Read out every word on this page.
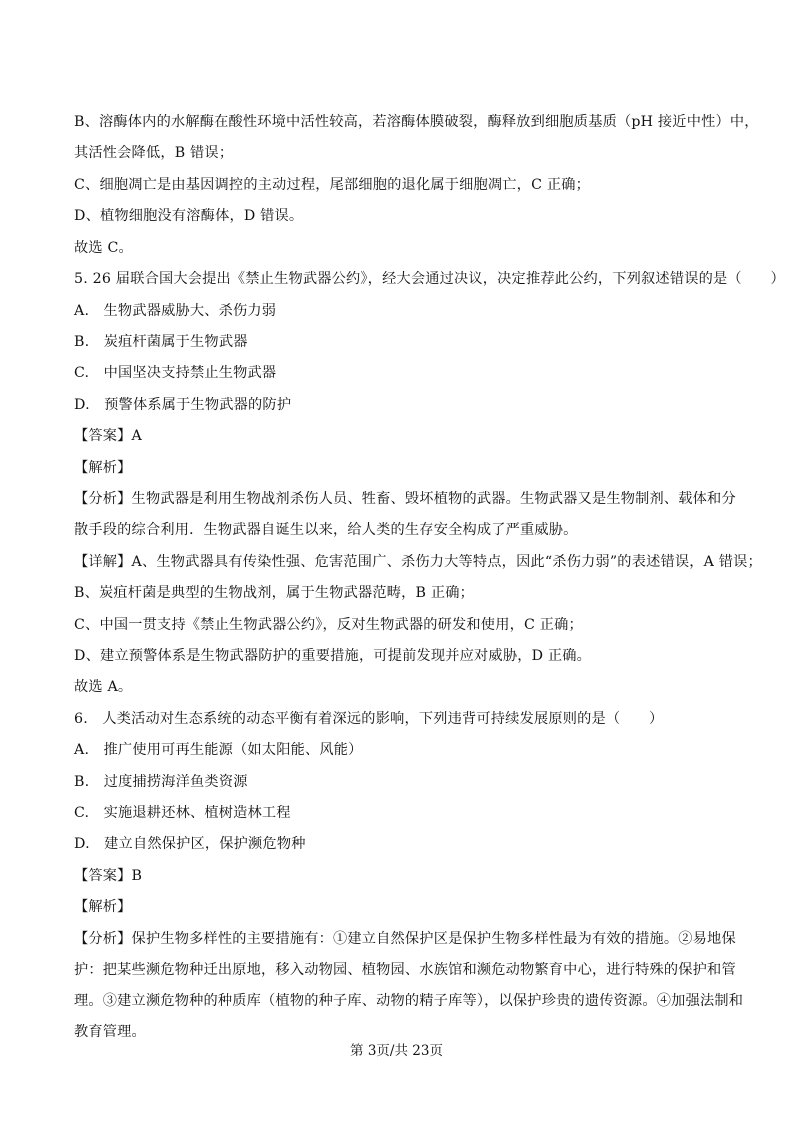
B、溶酶体内的水解酶在酸性环境中活性较高，若溶酶体膜破裂，酶释放到细胞质基质（pH 接近中性）中，
其活性会降低，B 错误；
C、细胞凋亡是由基因调控的主动过程，尾部细胞的退化属于细胞凋亡，C 正确；
D、植物细胞没有溶酶体，D 错误。
故选 C。
5. 26 届联合国大会提出《禁止生物武器公约》，经大会通过决议，决定推荐此公约，下列叙述错误的是（　　）
A.　生物武器威胁大、杀伤力弱
B.　炭疽杆菌属于生物武器
C.　中国坚决支持禁止生物武器
D.　预警体系属于生物武器的防护
【答案】A
【解析】
【分析】生物武器是利用生物战剂杀伤人员、牲畜、毁坏植物的武器。生物武器又是生物制剂、载体和分
散手段的综合利用．生物武器自诞生以来，给人类的生存安全构成了严重威胁。
【详解】A、生物武器具有传染性强、危害范围广、杀伤力大等特点，因此“杀伤力弱”的表述错误，A 错误；
B、炭疽杆菌是典型的生物战剂，属于生物武器范畴，B 正确；
C、中国一贯支持《禁止生物武器公约》，反对生物武器的研发和使用，C 正确；
D、建立预警体系是生物武器防护的重要措施，可提前发现并应对威胁，D 正确。
故选 A。
6.　人类活动对生态系统的动态平衡有着深远的影响，下列违背可持续发展原则的是（　　）
A.　推广使用可再生能源（如太阳能、风能）
B.　过度捕捞海洋鱼类资源
C.　实施退耕还林、植树造林工程
D.　建立自然保护区，保护濒危物种
【答案】B
【解析】
【分析】保护生物多样性的主要措施有：①建立自然保护区是保护生物多样性最为有效的措施。②易地保
护：把某些濒危物种迁出原地，移入动物园、植物园、水族馆和濒危动物繁育中心，进行特殊的保护和管
理。③建立濒危物种的种质库（植物的种子库、动物的精子库等），以保护珍贵的遗传资源。④加强法制和
教育管理。
第 3页/共 23页
